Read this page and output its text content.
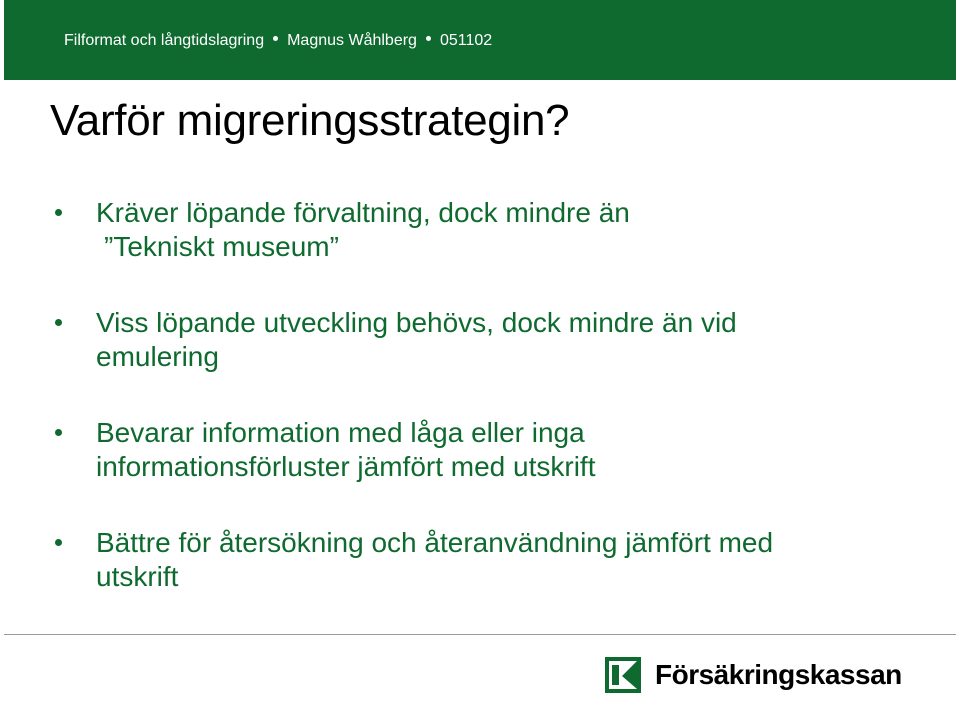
Filformat och långtidslagring Magnus Wåhlberg 051102
Varför migreringsstrategin?
Kräver löpande förvaltning, dock mindre än
”Tekniskt museum”
Viss löpande utveckling behövs, dock mindre än vid emulering
Bevarar information med låga eller inga informationsförluster jämfört med utskrift
Bättre för återsökning och återanvändning jämfört med utskrift
Försäkringskassan
